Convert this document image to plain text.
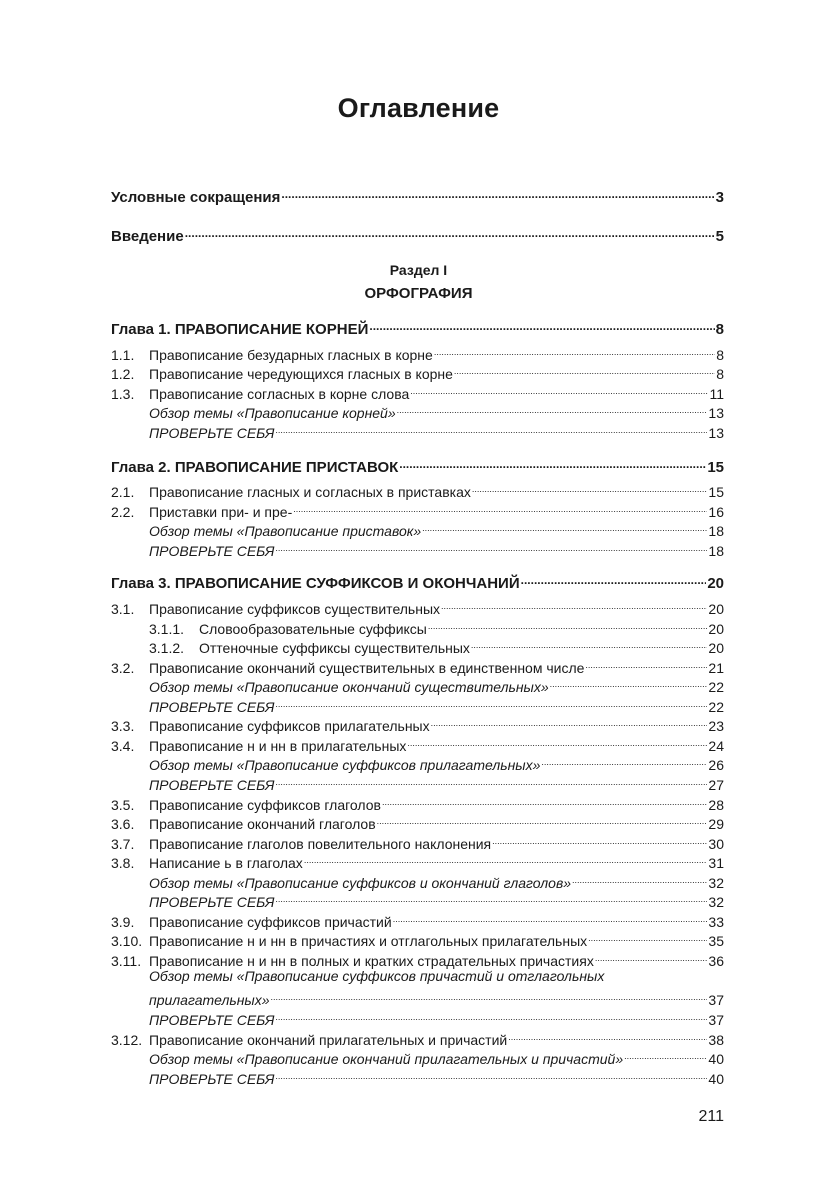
Оглавление
Условные сокращения .....	3
Введение .....	5
Глава 1. ПРАВОПИСАНИЕ КОРНЕЙ .....	8
1.1.	Правописание безударных гласных в корне .....	8
1.2.	Правописание чередующихся гласных в корне .....	8
1.3.	Правописание согласных в корне слова .....	11
Обзор темы «Правописание корней» .....	13
ПРОВЕРЬТЕ СЕБЯ .....	13
Глава 2. ПРАВОПИСАНИЕ ПРИСТАВОК .....	15
2.1.	Правописание гласных и согласных в приставках .....	15
2.2.	Приставки при- и пре- .....	16
Обзор темы «Правописание приставок» .....	18
ПРОВЕРЬТЕ СЕБЯ .....	18
Глава 3. ПРАВОПИСАНИЕ СУФФИКСОВ И ОКОНЧАНИЙ .....	20
3.1.	Правописание суффиксов существительных .....	20
3.1.1.	Словообразовательные суффиксы .....	20
3.1.2.	Оттеночные суффиксы существительных .....	20
3.2.	Правописание окончаний существительных в единственном числе .....	21
Обзор темы «Правописание окончаний существительных» .....	22
ПРОВЕРЬТЕ СЕБЯ .....	22
3.3.	Правописание суффиксов прилагательных .....	23
3.4.	Правописание н и нн в прилагательных .....	24
Обзор темы «Правописание суффиксов прилагательных» .....	26
ПРОВЕРЬТЕ СЕБЯ .....	27
3.5.	Правописание суффиксов глаголов .....	28
3.6.	Правописание окончаний глаголов .....	29
3.7.	Правописание глаголов повелительного наклонения .....	30
3.8.	Написание ь в глаголах .....	31
Обзор темы «Правописание суффиксов и окончаний глаголов» .....	32
ПРОВЕРЬТЕ СЕБЯ .....	32
3.9.	Правописание суффиксов причастий .....	33
3.10. Правописание н и нн в причастиях и отглагольных прилагательных .....	35
3.11. Правописание н и нн в полных и кратких страдательных причастиях .....	36
Обзор темы «Правописание суффиксов причастий и отглагольных
прилагательных» .....	37
ПРОВЕРЬТЕ СЕБЯ .....	37
3.12. Правописание окончаний прилагательных и причастий .....	38
Обзор темы «Правописание окончаний прилагательных и причастий» .....	40
ПРОВЕРЬТЕ СЕБЯ .....	40
Раздел I
ОРФОГРАФИЯ
211
